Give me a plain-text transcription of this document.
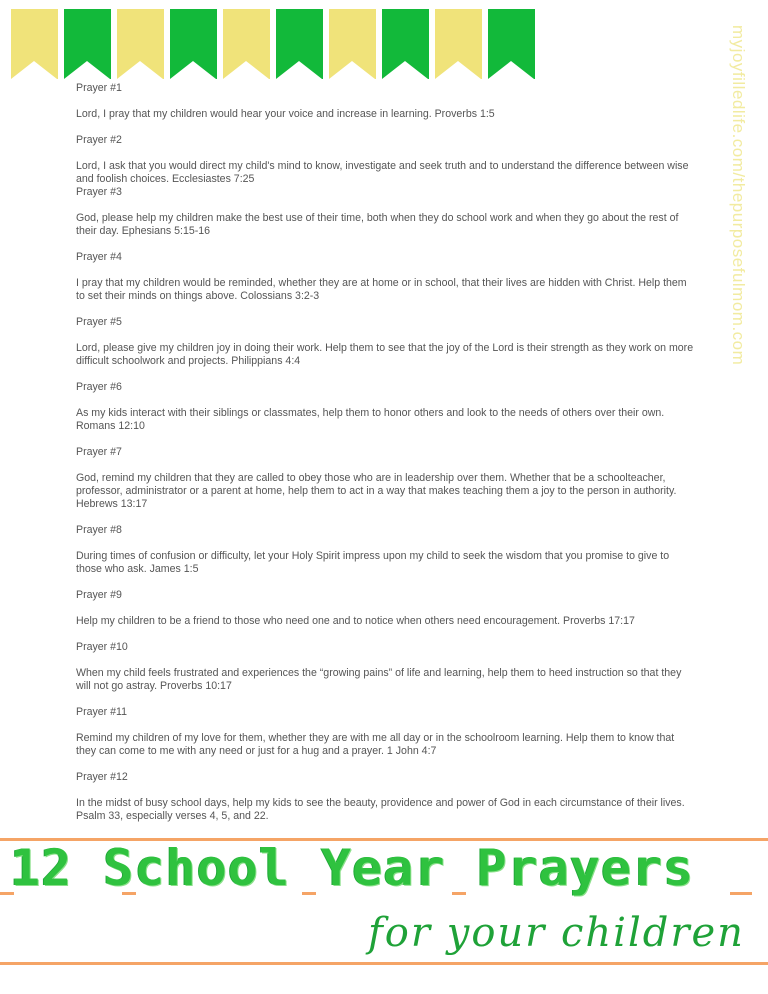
myjoyfilledlife.com/thepurposefulmom.com

Prayer #1

Lord, I pray that my children would hear your voice and increase in learning. Proverbs 1:5

Prayer #2

Lord, I ask that you would direct my child's mind to know, investigate and seek truth and to understand the difference between wise and foolish choices. Ecclesiastes 7:25

Prayer #3

God, please help my children make the best use of their time, both when they do school work and when they go about the rest of their day. Ephesians 5:15-16

Prayer #4

I pray that my children would be reminded, whether they are at home or in school, that their lives are hidden with Christ. Help them to set their minds on things above. Colossians 3:2-3

Prayer #5

Lord, please give my children joy in doing their work. Help them to see that the joy of the Lord is their strength as they work on more difficult schoolwork and projects. Philippians 4:4

Prayer #6

As my kids interact with their siblings or classmates, help them to honor others and look to the needs of others over their own. Romans 12:10

Prayer #7

God, remind my children that they are called to obey those who are in leadership over them. Whether that be a schoolteacher, professor, administrator or a parent at home, help them to act in a way that makes teaching them a joy to the person in authority. Hebrews 13:17

Prayer #8

During times of confusion or difficulty, let your Holy Spirit impress upon my child to seek the wisdom that you promise to give to those who ask. James 1:5

Prayer #9

Help my children to be a friend to those who need one and to notice when others need encouragement. Proverbs 17:17

Prayer #10

When my child feels frustrated and experiences the “growing pains” of life and learning, help them to heed instruction so that they will not go astray. Proverbs 10:17

Prayer #11

Remind my children of my love for them, whether they are with me all day or in the schoolroom learning. Help them to know that they can come to me with any need or just for a hug and a prayer. 1 John 4:7

Prayer #12

In the midst of busy school days, help my kids to see the beauty, providence and power of God in each circumstance of their lives. Psalm 33, especially verses 4, 5, and 22.

12 School Year Prayers
for your children
